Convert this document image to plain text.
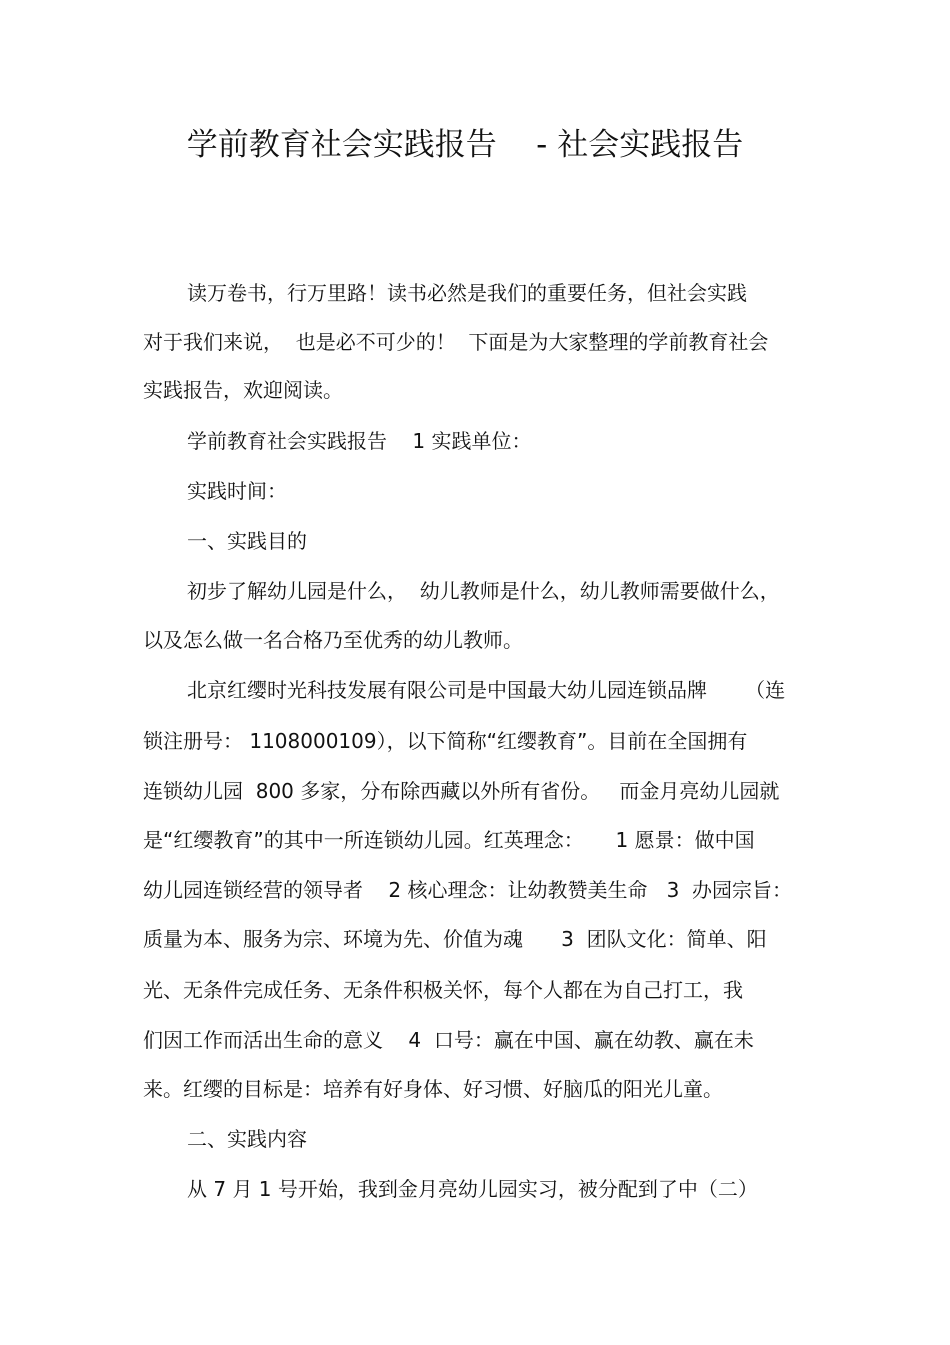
学前教育社会实践报告    - 社会实践报告
读万卷书，行万里路！读书必然是我们的重要任务，但社会实践
对于我们来说，  也是必不可少的！  下面是为大家整理的学前教育社会
实践报告，欢迎阅读。
学前教育社会实践报告    1 实践单位：
实践时间：
一、实践目的
初步了解幼儿园是什么，  幼儿教师是什么，幼儿教师需要做什么，
以及怎么做一名合格乃至优秀的幼儿教师。
北京红缨时光科技发展有限公司是中国最大幼儿园连锁品牌      （连
锁注册号： 1108000109），以下简称“红缨教育”。目前在全国拥有
连锁幼儿园  800 多家，分布除西藏以外所有省份。   而金月亮幼儿园就
是“红缨教育”的其中一所连锁幼儿园。红英理念：     1 愿景：做中国
幼儿园连锁经营的领导者    2 核心理念：让幼教赞美生命   3  办园宗旨：
质量为本、服务为宗、环境为先、价值为魂      3  团队文化：简单、阳
光、无条件完成任务、无条件积极关怀，每个人都在为自己打工，我
们因工作而活出生命的意义    4  口号：赢在中国、赢在幼教、赢在未
来。红缨的目标是：培养有好身体、好习惯、好脑瓜的阳光儿童。
二、实践内容
从 7 月 1 号开始，我到金月亮幼儿园实习，被分配到了中（二）
